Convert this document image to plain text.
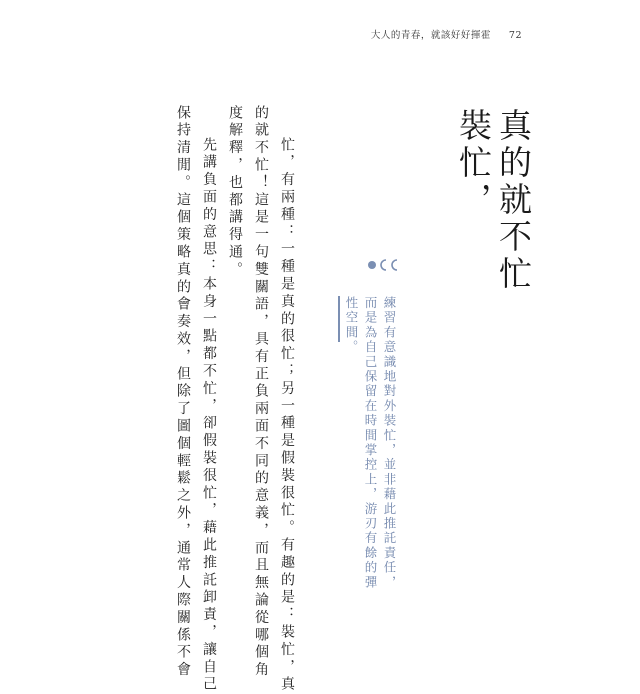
大人的青春，就該好好揮霍 72
裝忙， 真的就不忙
練習有意識地對外裝忙，並非藉此推託責任，
而是為自己保留在時間掌控上，游刃有餘的彈
性空間。
忙，有兩種：一種是真的很忙；另一種是假裝很忙。有趣的是：裝忙，真
的就不忙！這是一句雙關語，具有正負兩面不同的意義，而且無論從哪個角
度解釋，也都講得通。
先講負面的意思：本身一點都不忙，卻假裝很忙，藉此推託卸責，讓自己
保持清閒。這個策略真的會奏效，但除了圖個輕鬆之外，通常人際關係不會
